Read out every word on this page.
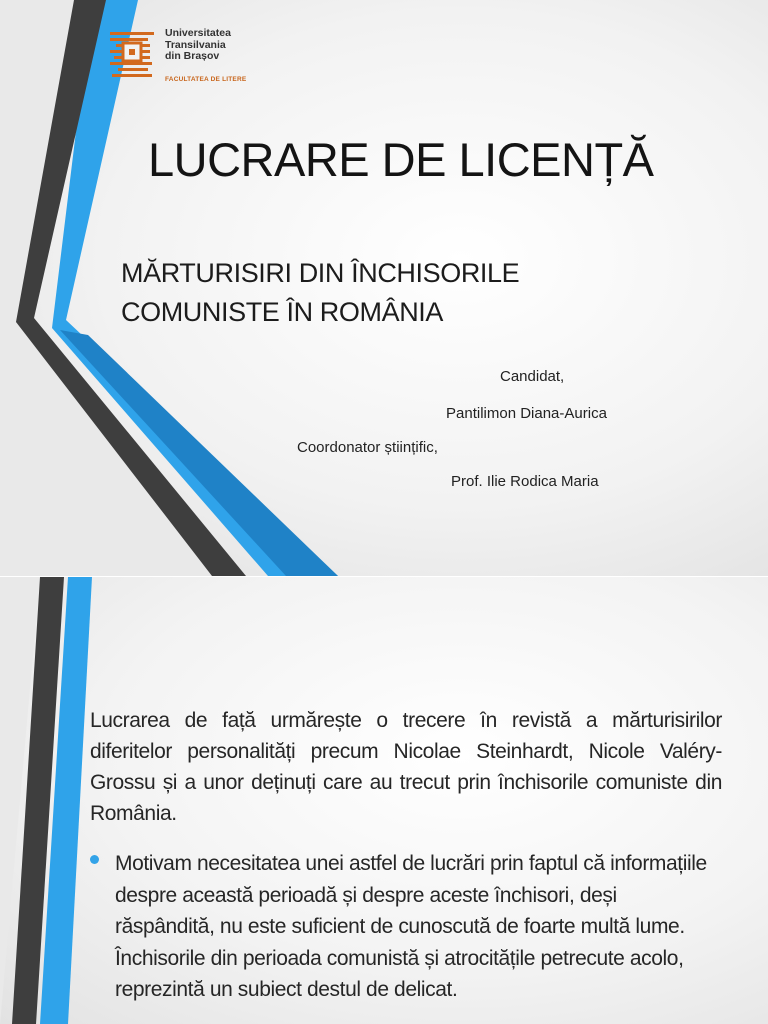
Universitatea
Transilvania
din Brașov
FACULTATEA DE LITERE
LUCRARE DE LICENȚĂ
MĂRTURISIRI DIN ÎNCHISORILE COMUNISTE ÎN ROMÂNIA

Candidat,

Pantilimon Diana-Aurica

Coordonator științific,

Prof. Ilie Rodica Maria

Lucrarea de față urmărește o trecere în revistă a mărturisirilor diferitelor personalități precum Nicolae Steinhardt, Nicole Valéry-Grossu și a unor deținuți care au trecut prin închisorile comuniste din România.

Motivam necesitatea unei astfel de lucrări prin faptul că informațiile despre această perioadă și despre aceste închisori, deși răspândită, nu este suficient de cunoscută de foarte multă lume. Închisorile din perioada comunistă și atrocitățile petrecute acolo, reprezintă un subiect destul de delicat.
